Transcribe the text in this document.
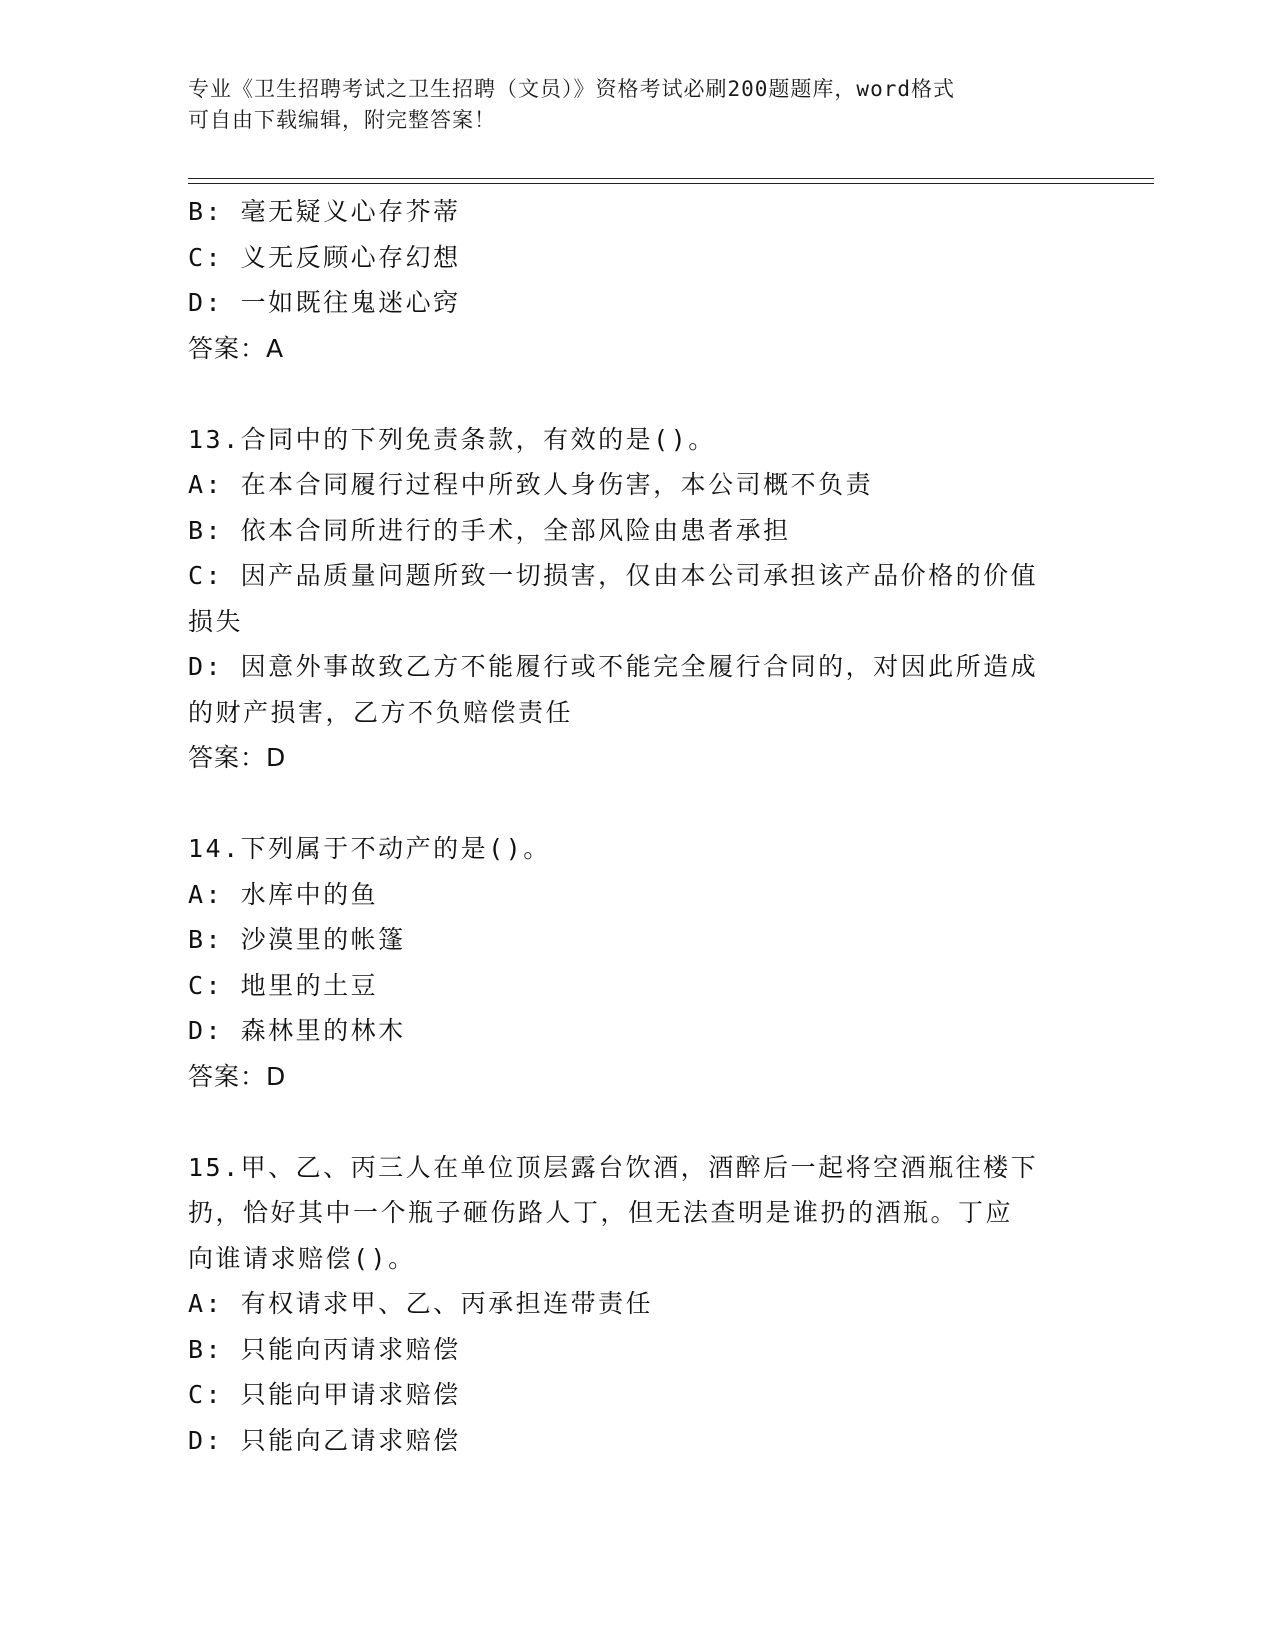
专业《卫生招聘考试之卫生招聘（文员）》资格考试必刷200题题库，word格式
可自由下载编辑，附完整答案！
B: 毫无疑义心存芥蒂
C: 义无反顾心存幻想
D: 一如既往鬼迷心窍
答案：A
13.合同中的下列免责条款，有效的是()。
A: 在本合同履行过程中所致人身伤害，本公司概不负责
B: 依本合同所进行的手术，全部风险由患者承担
C: 因产品质量问题所致一切损害，仅由本公司承担该产品价格的价值
损失
D: 因意外事故致乙方不能履行或不能完全履行合同的，对因此所造成
的财产损害，乙方不负赔偿责任
答案：D
14.下列属于不动产的是()。
A: 水库中的鱼
B: 沙漠里的帐篷
C: 地里的土豆
D: 森林里的林木
答案：D
15.甲、乙、丙三人在单位顶层露台饮酒，酒醉后一起将空酒瓶往楼下
扔，恰好其中一个瓶子砸伤路人丁，但无法查明是谁扔的酒瓶。丁应
向谁请求赔偿()。
A: 有权请求甲、乙、丙承担连带责任
B: 只能向丙请求赔偿
C: 只能向甲请求赔偿
D: 只能向乙请求赔偿
